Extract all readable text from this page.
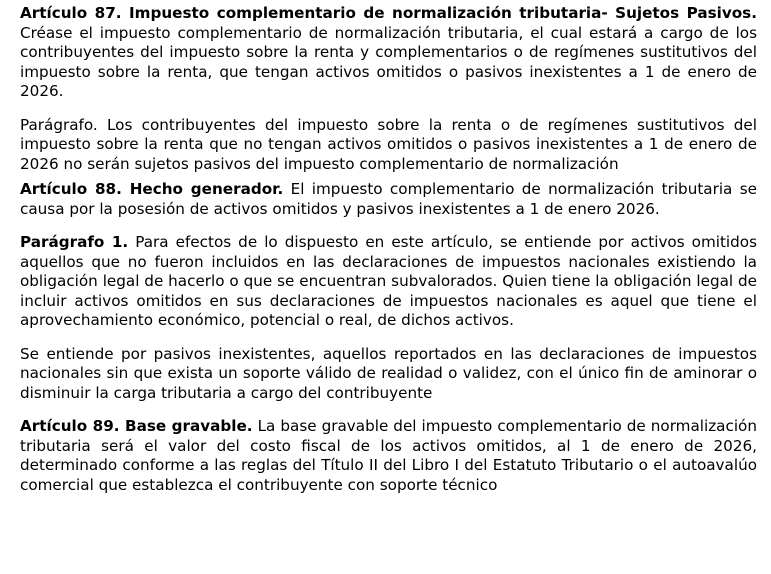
Artículo 87. Impuesto complementario de normalización tributaria- Sujetos Pasivos. Créase el impuesto complementario de normalización tributaria, el cual estará a cargo de los contribuyentes del impuesto sobre la renta y complementarios o de regímenes sustitutivos del impuesto sobre la renta, que tengan activos omitidos o pasivos inexistentes a 1 de enero de 2026.

Parágrafo. Los contribuyentes del impuesto sobre la renta o de regímenes sustitutivos del impuesto sobre la renta que no tengan activos omitidos o pasivos inexistentes a 1 de enero de 2026 no serán sujetos pasivos del impuesto complementario de normalización

Artículo 88. Hecho generador. El impuesto complementario de normalización tributaria se causa por la posesión de activos omitidos y pasivos inexistentes a 1 de enero 2026.

Parágrafo 1. Para efectos de lo dispuesto en este artículo, se entiende por activos omitidos aquellos que no fueron incluidos en las declaraciones de impuestos nacionales existiendo la obligación legal de hacerlo o que se encuentran subvalorados. Quien tiene la obligación legal de incluir activos omitidos en sus declaraciones de impuestos nacionales es aquel que tiene el aprovechamiento económico, potencial o real, de dichos activos.

Se entiende por pasivos inexistentes, aquellos reportados en las declaraciones de impuestos nacionales sin que exista un soporte válido de realidad o validez, con el único fin de aminorar o disminuir la carga tributaria a cargo del contribuyente

Artículo 89. Base gravable. La base gravable del impuesto complementario de normalización tributaria será el valor del costo fiscal de los activos omitidos, al 1 de enero de 2026, determinado conforme a las reglas del Título II del Libro I del Estatuto Tributario o el autoavalúo comercial que establezca el contribuyente con soporte técnico
